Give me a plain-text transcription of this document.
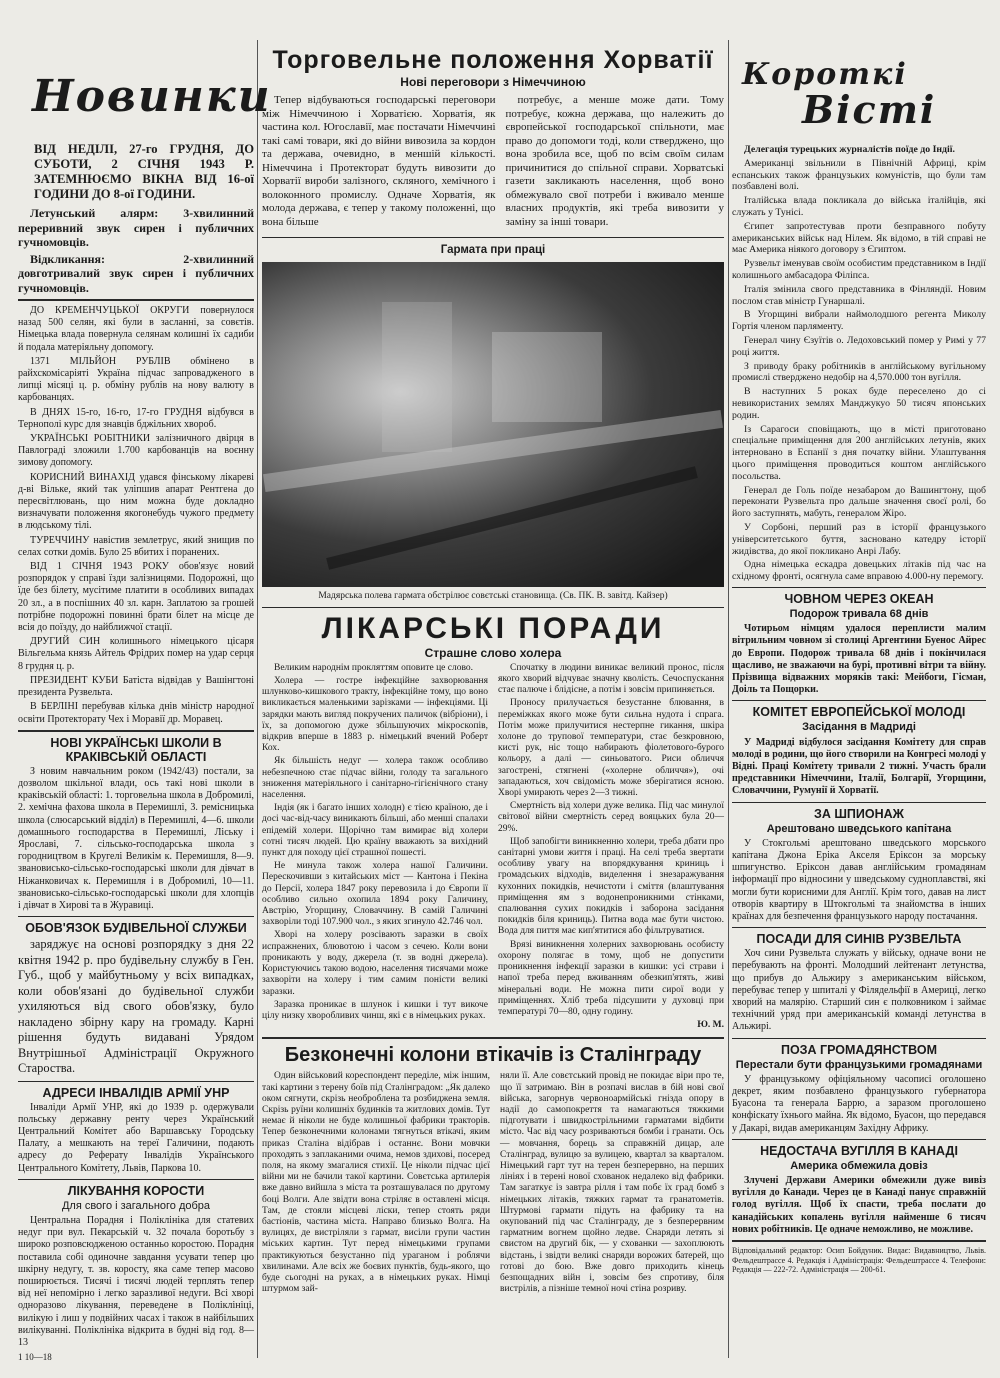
Новинки

ВІД НЕДІЛІ, 27-го ГРУДНЯ, ДО СУБОТИ, 2 СІЧНЯ 1943 Р. ЗАТЕМНЮЄМО ВІКНА ВІД 16-ої ГОДИНИ ДО 8-ої ГОДИНИ.

Летунський алярм: 3-хвилинний переривний звук сирен і публичних гучномовців.

Відкликання: 2-хвилинний довготривалий звук сирен і публичних гучномовців.

ДО КРЕМЕНЧУЦЬКОЇ ОКРУГИ повернулося назад 500 селян, які були в засланні, за совєтів. Німецька влада повернула селянам колишні їх садиби й подала матеріяльну допомогу.

1371 МІЛЬЙОН РУБЛІВ обмінено в райхскомісаріяті Україна підчас запровадженого в липці місяці ц. р. обміну рублів на нову валюту в карбованцях.

В ДНЯХ 15-го, 16-го, 17-го ГРУДНЯ відбувся в Тернополі курс для знавців бджільних хвороб.

УКРАЇНСЬКІ РОБІТНИКИ залізничного двірця в Павлограді зложили 1.700 карбованців на воєнну зимову допомогу.

КОРИСНИЙ ВИНАХІД удався фінському лікареві д-ві Вільке, який так уліпшив апарат Рентгена до пересвітлювань, що ним можна буде докладно визначувати положення якогонебудь чужого предмету в людському тілі.

ТУРЕЧЧИНУ навістив землетрус, який знищив по селах сотки домів. Було 25 вбитих і поранених.

ВІД 1 СІЧНЯ 1943 РОКУ обов'язує новий розпорядок у справі їзди залізницями. Подорожні, що їде без білету, мусітиме платити в особливих випадах 20 зл., а в поспішних 40 зл. карн. Заплатою за грошей потрібне подорожні повинні брати білет на місце де всія до поїзду, до найближчої стації.

ДРУГИЙ СИН колишнього німецького цісаря Вільгельма князь Айтель Фрідрих помер на удар серця 8 грудня ц. р.

ПРЕЗИДЕНТ КУБИ Батіста відвідав у Вашінгтоні президента Рузвельта.

В БЕРЛІНІ перебував кілька днів міністр народної освіти Протекторату Чех і Моравії др. Моравец.

НОВІ УКРАЇНСЬКІ ШКОЛИ В КРАКІВСЬКІЙ ОБЛАСТІ

З новим навчальним роком (1942/43) постали, за дозволом шкільної влади, ось такі нові школи в краківській області: 1. торговельна школа в Добромилі, 2. хемічна фахова школа в Перемишлі, 3. ремісницька школа (слюсарський відділ) в Перемишлі, 4—6. школи домашнього господарства в Перемишлі, Ліську і Ярославі, 7. сільсько-господарська школа з городництвом в Кругелі Великім к. Перемишля, 8—9. звановисько-сільсько-господарські школи для дівчат в Ніжанковичах к. Перемишля і в Добромилі, 10—11. звановисько-сільсько-господарські школи для хлопців і дівчат в Хирові та в Журавиці.

ОБОВ'ЯЗОК БУДІВЕЛЬНОЇ СЛУЖБИ

заряджує на основі розпорядку з дня 22 квітня 1942 р. про будівельну службу в Ген. Губ., щоб у майбутньому у всіх випадках, коли обов'язані до будівельної служби ухиляються від свого обов'язку, було накладено збірну кару на громаду. Карні рішення будуть видавані Урядом Внутрішньої Адміністрації Окружного Староства.

АДРЕСИ ІНВАЛІДІВ АРМІЇ УНР

Інваліди Армії УНР, які до 1939 р. одержували польську державну ренту через Український Центральний Комітет або Варшавську Городську Палату, а мешкають на тереї Галичини, подають адресу до Реферату Інвалідів Українського Центрального Комітету, Львів, Паркова 10.

ЛІКУВАННЯ КОРОСТИ
Для свого і загального добра

Центральна Порадня і Поліклініка для статевих недуг при вул. Пекарській ч. 32 почала боротьбу з широко розповсюдженою останньо коростою. Порадня поставила собі одиночне завдання усувати тепер цю шкірну недугу, т. зв. коросту, яка саме тепер масово поширюється. Тисячі і тисячі людей терплять тепер від неї непомірно і легко заразливої недуги. Всі хворі одноразово лікування, переведене в Поліклініці, вилікую і лиш у подвійних часах і також в найбільших вилікуванні. Поліклініка відкрита в будні від год. 8—13

1 10—18

Торговельне положення Хорватії
Нові переговори з Німеччиною

Тепер відбуваються господарські переговори між Німеччиною і Хорватією. Хорватія, як частина кол. Югославії, має постачати Німеччині такі самі товари, які до війни вивозила за кордон та держава, очевидно, в меншій кількості. Німеччина і Протекторат будуть вивозити до Хорватії вироби залізного, скляного, хемічного і волоконного промислу. Одначе Хорватія, як молода держава, є тепер у такому положенні, що вона більше

потребує, а менше може дати. Тому потребує, кожна держава, що належить до європейської господарської спільноти, має право до допомоги тоді, коли стверджено, що вона зробила все, щоб по всім своїм силам причинитися до спільної справи. Хорватські газети закликають населення, щоб воно обмежувало свої потреби і вживало менше власних продуктів, які треба вивозити у заміну за інші товари.

Гармата при праці
Мадярська полева гармата обстрілює совєтські становища. (Св. ПК. В. завітд. Кайзер)
ЛІКАРСЬКІ ПОРАДИ
Страшне слово холера

Великим народнім прокляттям оповите це слово.

Холера — гостре інфекційне захворювання шлунково-кишкового тракту, інфекційне тому, що воно викликається маленькими зарізками — інфекціями. Ці зарядки мають вигляд покручених паличок (вібріони), і їх, за допомогою дуже збільшуючих мікроскопів, відкрив вперше в 1883 р. німецький вчений Роберт Кох.

Як більшість недуг — холера також особливо небезпечною стає підчас війни, голоду та загального зниження матеріяльного і санітарно-гігієнічного стану населення.

Індія (як і багато інших холодн) є тією країною, де і досі час-від-часу виникають більші, або менші спалахи епідемій холери. Щорічно там вимирає від холери сотні тисяч людей. Цю країну вважають за вихідний пункт для походу цієї страшної пошесті.

Не минула також холера нашої Галичини. Перескочивши з китайських міст — Кантона і Пекіна до Персії, холера 1847 року перевозила і до Європи її особливо сильно охопила 1894 року Галичину, Австрію, Угорщину, Словаччину. В самій Галичині захворіли тоді 107.900 чол., з яких згинуло 42.746 чол.

Хворі на холеру розсівають заразки в своїх испражнених, блювотою і часом з сечею. Коли вони проникають у воду, джерела (т. зв водні джерела). Користуючись такою водою, населення тисячами може захворіти на холеру і тим самим поністи великі заразки.

Заразка проникає в шлунок і кишки і тут викоче цілу низку хворобливих чинш, які є в німецьких руках.

Спочатку в людини виникає великий пронос, після якого хворий відчуває значну кволість. Сечоспускання стає палюче і блідісне, а потім і зовсім припиняється.

Проносу прилучається безустанне блювання, в переміжках якого може бути сильна нудота і спрага. Потім може прилучитися нестерпне гикання, шкіра холоне до трупової температури, стає безкровною, кисті рук, ніс тощо набирають фіолетового-бурого кольору, а далі — синьоватого. Риси обличчя загострені, стягнені («холерне обличчя»), очі западаються, хоч свідомість може зберігатися ясною. Хворі умирають через 2—3 тижні.

Смертність від холери дуже велика. Під час минулої світової війни смертність серед вояцьких була 20—29%.

Щоб запобігти виникненню холери, треба дбати про санітарні умови життя і праці. На селі треба звертати особливу увагу на впорядкування криниць і громадських відходів, виделення і знезаражування кухонних покидків, нечистоти і сміття (влаштування приміщення ям з водонепроникними стінками, спалювання сухих покидків і заборона засідання покидків біля криниць). Питна вода має бути чистою. Вода для пиття має кип'ятитися або фільтруватися.

Врязі виникнення холерних захворювань особисту охорону полягає в тому, щоб не допустити проникнення інфекції заразки в кишки: усі страви і напої треба перед вживанням обезкип'ятять, живі мінеральні води. Не можна пити сирої води у приміщеннях. Хліб треба підсушити у духовці при температурі 70—80, одну годину.

Ю. М.

Безконечні колони втікачів із Сталінграду

Один військовий кореспондент переділе, між іншим, такі картини з терену боїв під Сталінградом: „Як далеко оком сягнути, скрізь необроблена та розбиджена земля. Скрізь руїни колишніх будинків та житлових домів. Тут немає й ніколи не буде колишньої фабрики тракторів. Тепер безконечними колонами тягнуться втікачі, яким приказ Сталіна відібрав і останнє. Вони мовчки проходять з заплаканими очима, немов здихові, посеред поля, на якому змагалися стихії. Це ніколи підчас цієї війни ми не бачили такої картини. Совєтська артилерія вже давно вийшла з міста та розташувалася по другому боці Волги. Але звідти вона стріляє в оставлені місця. Там, де стояли місцеві ліски, тепер стоять ряди бастіонів, частина міста. Направо близько Волга. На вулицях, де вистріляли з гармат, висіли групи частин міських картин. Тут перед німецькими групами практикуються безустанно під ураганом і роблячи хвилинами. Але всіх же боєвих пунктів, будь-якого, що буде сьогодні на руках, а в німецьких руках. Німці штурмом зай-

няли її. Але совєтський провід не покидає віри про те, що її затримаю. Він в розпачі вислав в бій нові свої війська, загорнув червоноармійські гнізда опору в надії до самопокреття та намагаються тяжкими підготувати і швидкострільними гарматами відбити місто. Час від часу розриваються бомби і гранати. Ось — мовчання, борець за справжній дицар, але Сталінград, вулицю за вулицею, квартал за кварталом. Німецький гарт тут на терен безперервно, на перших лініях і в терені нової схованок недалеко від фабрики. Там загаткує із завтра рілля і там побє їх град бомб з німецьких літаків, тяжких гармат та гранатометів. Штурмові гармати підуть на фабрику та на окупований під час Сталінграду, де з безперервним гарматним вогнем щойно ледве. Снаряди летять зі свистом на другий бік, — у схованки — захоплюють відстань, і звідти великі снаряди ворожих батерей, що готові до бою. Вже довго приходить кінець безпощадних війн і, зовсім без спротиву, біля вистрілів, а пізніше темної ночі стіна розриву.

Короткі
Вісті

Делегація турецьких журналістів поїде до Індії.

Американці звільнили в Північній Африці, крім еспанських також французьких комуністів, що були там позбавлені волі.

Італійська влада покликала до війська італійців, які служать у Тунісі.

Єгипет запротестував проти безправного побуту американських військ над Нілем. Як відомо, в тій справі не має Америка ніякого договору з Єгиптом.

Рузвельт іменував своїм особистим представником в Індії колишнього амбасадора Філіпса.

Італія змінила свого представника в Фінляндії. Новим послом став міністр Гунаршалі.

В Угорщині вибрали наймолодшого регента Миколу Гортія членом парляменту.

Генерал чину Єзуїтів о. Ледоховський помер у Римі у 77 році життя.

З приводу браку робітників в англійському вугільному промислі стверджено недобір на 4,570.000 тон вугілля.

В наступних 5 роках буде переселено до cі невикористаних землях Манджукуо 50 тисяч японських родин.

Із Сарагоси сповіщають, що в місті приготовано спеціальне приміщення для 200 англійських летунів, яких інтерновано в Еспанії з дня початку війни. Улаштування цього приміщення проводиться коштом англійського посольства.

Генерал де Голь поїде незабаром до Вашингтону, щоб переконати Рузвельта про дальше значення своєї ролі, бо його заступнять, мабуть, генералом Жіро.

У Сорбоні, перший раз в історії французького університетського буття, засновано катедру історії жидівства, до якої покликано Анрі Лабу.

Одна німецька ескадра довецьких літаків під час на східному фронті, осягнула саме вправою 4.000-ну перемогу.

ЧОВНОМ ЧЕРЕЗ ОКЕАН
Подорож тривала 68 днів

Чотирьом німцям удалося переплисти малим вітрильним човном зі столиці Аргентини Буенос Айрес до Европи. Подорож тривала 68 днів і покінчилася щасливо, не зважаючи на бурі, противні вітри та війну. Прізвища відважних моряків такі: Мейбоги, Гісман, Доіль та Пощорки.

КОМІТЕТ ЕВРОПЕЙСЬКОЇ МОЛОДІ
Засідання в Мадриді

У Мадриді відбулося засідання Комітету для справ молоді в родини, що його створили на Конгресі молоді у Відні. Праці Комітету тривали 2 тижні. Участь брали представники Німеччини, Італії, Болгарії, Угорщини, Словаччини, Румунії й Хорватії.

ЗА ШПИОНАЖ
Арештовано шведського капітана

У Стокгольмі арештовано шведського морського капітана Джона Еріка Акселя Еріксон за морську шпигунство. Еріксон давав англійським громадянам інформації про відносини у шведському судноплавстві, які могли бути корисними для Англії. Крім того, давав на лист отворів квартиру в Штокгольмі та знайомства в інших країнах для безпечення французького народу постачання.

ПОСАДИ ДЛЯ СИНІВ РУЗВЕЛЬТА

Хоч сини Рузвельта служать у війську, одначе вони не перебувають на фронті. Молодший лейтенант летунства, що прибув до Альжиру з американським військом, перебуває тепер у шпиталі у Філядельфії в Америці, легко хворий на малярію. Старший син є полковником і займає технічний уряд при американській команді летунства в Альжирі.

ПОЗА ГРОМАДЯНСТВОМ
Перестали бути французькими громадянами

У французькому офіціяльному часописі оголошено декрет, яким позбавлено французького губернатора Буасона та генерала Баррю, а заразом проголошено конфіскату їхнього майна. Як відомо, Буасон, що передався у Дакарі, видав американцям Західну Африку.

НЕДОСТАЧА ВУГІЛЛЯ В КАНАДІ
Америка обмежила довіз

Злучені Держави Америки обмежили дуже вивіз вугілля до Канади. Через це в Канаді панує справжній голод вугілля. Щоб їх спасти, треба послати до канадійських копалень вугілля найменше 6 тисяч нових робітників. Це одначе неможливо, не можливе.

Відповідальний редактор: Осип Бойдуник. Видає: Видавництво, Львів. Фельдештрассе 4. Редакція і Адміністрація: Фельдештрассе 4. Телефони: Редакція — 222-72. Адміністрація — 200-61.
